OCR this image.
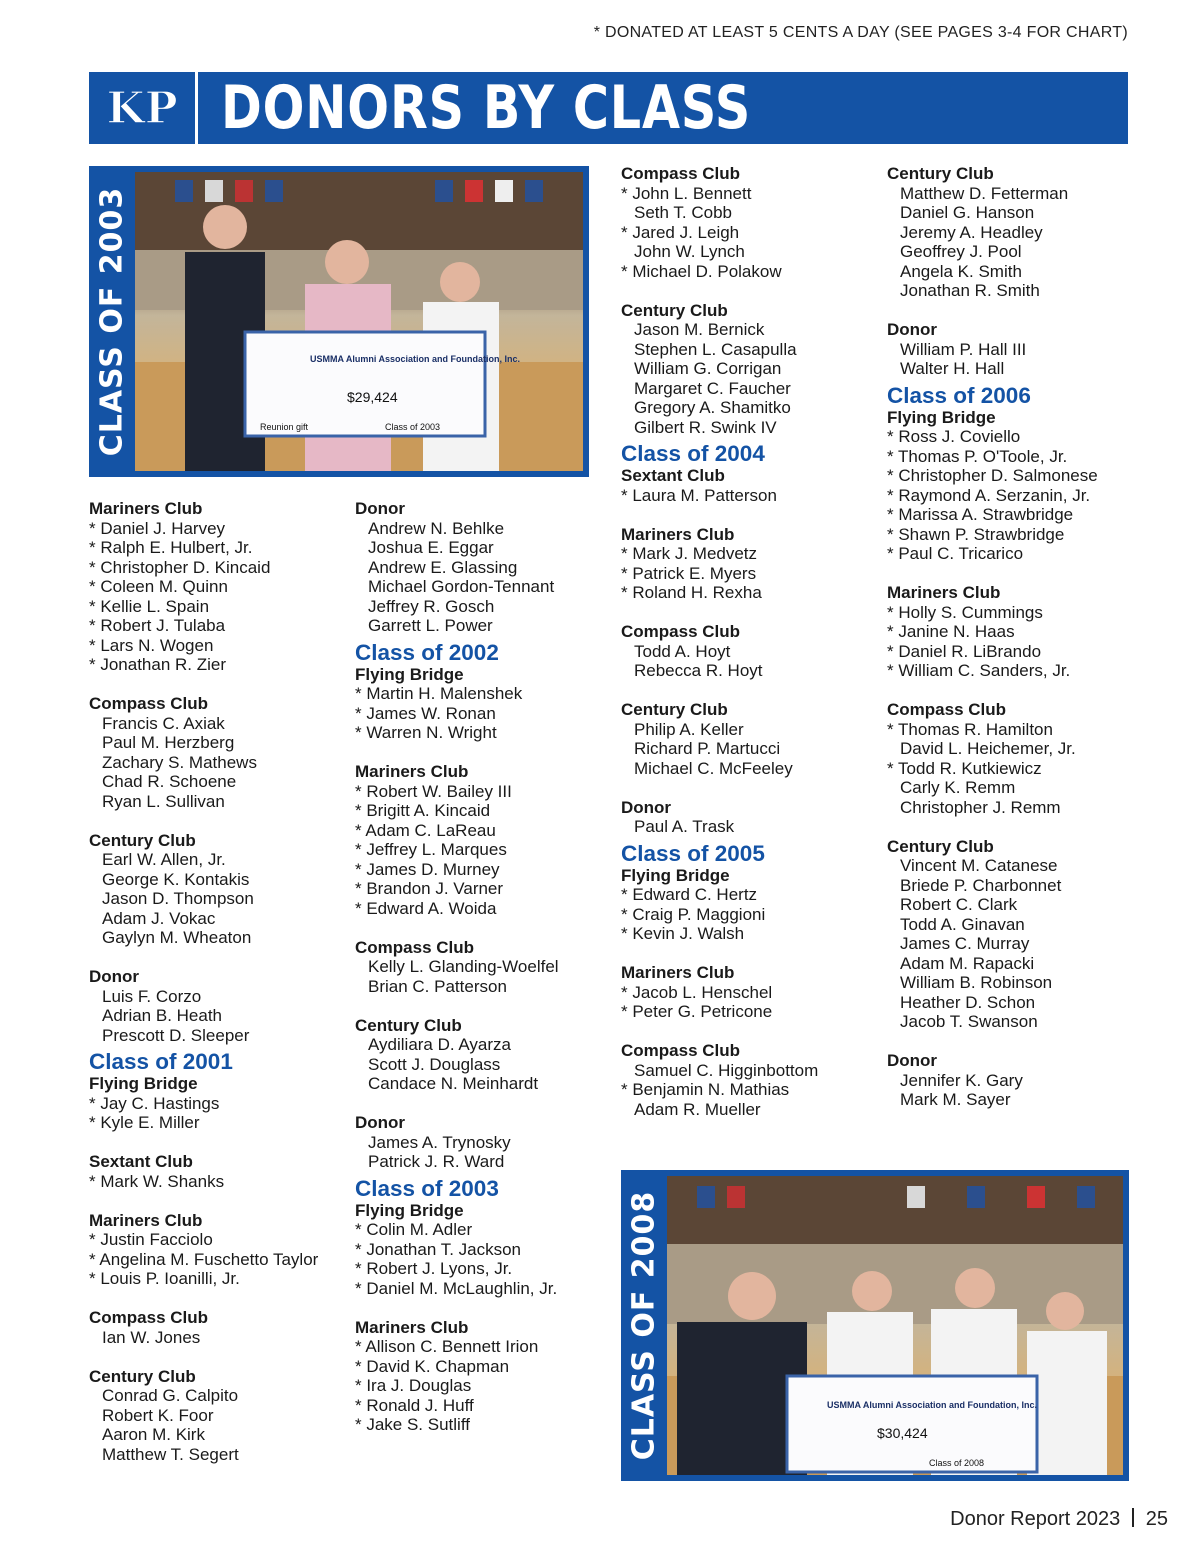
* DONATED AT LEAST 5 CENTS A DAY (SEE PAGES 3-4 FOR CHART)
KP DONORS BY CLASS
CLASS OF 2003	USMMA Alumni Association and Foundation, Inc.
$29,424
Reunion gift	Class of 2003
CLASS OF 2008	USMMA Alumni Association and Foundation, Inc.
$30,424
Class of 2008
Mariners Club
* Daniel J. Harvey
* Ralph E. Hulbert, Jr.
* Christopher D. Kincaid
* Coleen M. Quinn
* Kellie L. Spain
* Robert J. Tulaba
* Lars N. Wogen
* Jonathan R. Zier
Compass Club
Francis C. Axiak
Paul M. Herzberg
Zachary S. Mathews
Chad R. Schoene
Ryan L. Sullivan
Century Club
Earl W. Allen, Jr.
George K. Kontakis
Jason D. Thompson
Adam J. Vokac
Gaylyn M. Wheaton
Donor
Luis F. Corzo
Adrian B. Heath
Prescott D. Sleeper
Class of 2001
Flying Bridge
* Jay C. Hastings
* Kyle E. Miller
Sextant Club
* Mark W. Shanks
Mariners Club
* Justin Facciolo
* Angelina M. Fuschetto Taylor
* Louis P. Ioanilli, Jr.
Compass Club
Ian W. Jones
Century Club
Conrad G. Calpito
Robert K. Foor
Aaron M. Kirk
Matthew T. Segert
Donor
Andrew N. Behlke
Joshua E. Eggar
Andrew E. Glassing
Michael Gordon-Tennant
Jeffrey R. Gosch
Garrett L. Power
Class of 2002
Flying Bridge
* Martin H. Malenshek
* James W. Ronan
* Warren N. Wright
Mariners Club
* Robert W. Bailey III
* Brigitt A. Kincaid
* Adam C. LaReau
* Jeffrey L. Marques
* James D. Murney
* Brandon J. Varner
* Edward A. Woida
Compass Club
Kelly L. Glanding-Woelfel
Brian C. Patterson
Century Club
Aydiliara D. Ayarza
Scott J. Douglass
Candace N. Meinhardt
Donor
James A. Trynosky
Patrick J. R. Ward
Class of 2003
Flying Bridge
* Colin M. Adler
* Jonathan T. Jackson
* Robert J. Lyons, Jr.
* Daniel M. McLaughlin, Jr.
Mariners Club
* Allison C. Bennett Irion
* David K. Chapman
* Ira J. Douglas
* Ronald J. Huff
* Jake S. Sutliff
Compass Club
* John L. Bennett
Seth T. Cobb
* Jared J. Leigh
John W. Lynch
* Michael D. Polakow
Century Club
Jason M. Bernick
Stephen L. Casapulla
William G. Corrigan
Margaret C. Faucher
Gregory A. Shamitko
Gilbert R. Swink IV
Class of 2004
Sextant Club
* Laura M. Patterson
Mariners Club
* Mark J. Medvetz
* Patrick E. Myers
* Roland H. Rexha
Compass Club
Todd A. Hoyt
Rebecca R. Hoyt
Century Club
Philip A. Keller
Richard P. Martucci
Michael C. McFeeley
Donor
Paul A. Trask
Class of 2005
Flying Bridge
* Edward C. Hertz
* Craig P. Maggioni
* Kevin J. Walsh
Mariners Club
* Jacob L. Henschel
* Peter G. Petricone
Compass Club
Samuel C. Higginbottom
* Benjamin N. Mathias
Adam R. Mueller
Century Club
Matthew D. Fetterman
Daniel G. Hanson
Jeremy A. Headley
Geoffrey J. Pool
Angela K. Smith
Jonathan R. Smith
Donor
William P. Hall III
Walter H. Hall
Class of 2006
Flying Bridge
* Ross J. Coviello
* Thomas P. O'Toole, Jr.
* Christopher D. Salmonese
* Raymond A. Serzanin, Jr.
* Marissa A. Strawbridge
* Shawn P. Strawbridge
* Paul C. Tricarico
Mariners Club
* Holly S. Cummings
* Janine N. Haas
* Daniel R. LiBrando
* William C. Sanders, Jr.
Compass Club
* Thomas R. Hamilton
David L. Heichemer, Jr.
* Todd R. Kutkiewicz
Carly K. Remm
Christopher J. Remm
Century Club
Vincent M. Catanese
Briede P. Charbonnet
Robert C. Clark
Todd A. Ginavan
James C. Murray
Adam M. Rapacki
William B. Robinson
Heather D. Schon
Jacob T. Swanson
Donor
Jennifer K. Gary
Mark M. Sayer
Donor Report 2023 25
